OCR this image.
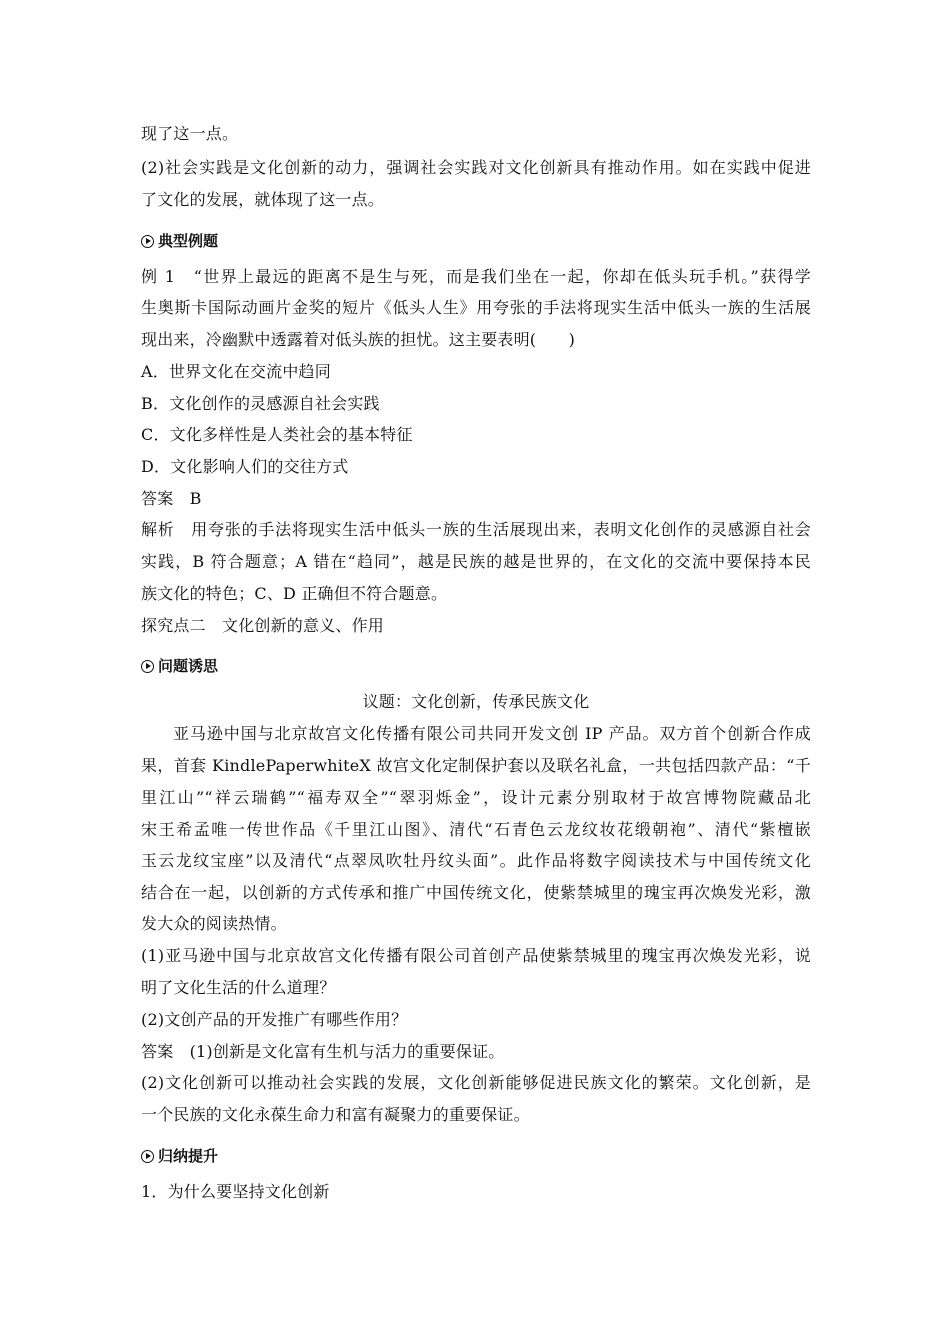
现了这一点。
(2)社会实践是文化创新的动力，强调社会实践对文化创新具有推动作用。如在实践中促进
了文化的发展，就体现了这一点。
典型例题
例 1　“世界上最远的距离不是生与死，而是我们坐在一起，你却在低头玩手机。”获得学
生奥斯卡国际动画片金奖的短片《低头人生》用夸张的手法将现实生活中低头一族的生活展
现出来，冷幽默中透露着对低头族的担忧。这主要表明(　　)
A．世界文化在交流中趋同
B．文化创作的灵感源自社会实践
C．文化多样性是人类社会的基本特征
D．文化影响人们的交往方式
答案　B
解析　用夸张的手法将现实生活中低头一族的生活展现出来，表明文化创作的灵感源自社会
实践，B 符合题意；A 错在“趋同”，越是民族的越是世界的，在文化的交流中要保持本民
族文化的特色；C、D 正确但不符合题意。
探究点二　文化创新的意义、作用
问题诱思
议题：文化创新，传承民族文化
亚马逊中国与北京故宫文化传播有限公司共同开发文创 IP 产品。双方首个创新合作成
果，首套 KindlePaperwhiteX 故宫文化定制保护套以及联名礼盒，一共包括四款产品：“千
里江山”“祥云瑞鹤”“福寿双全”“翠羽烁金”，设计元素分别取材于故宫博物院藏品北
宋王希孟唯一传世作品《千里江山图》、清代“石青色云龙纹妆花缎朝袍”、清代“紫檀嵌
玉云龙纹宝座”以及清代“点翠凤吹牡丹纹头面”。此作品将数字阅读技术与中国传统文化
结合在一起，以创新的方式传承和推广中国传统文化，使紫禁城里的瑰宝再次焕发光彩，激
发大众的阅读热情。
(1)亚马逊中国与北京故宫文化传播有限公司首创产品使紫禁城里的瑰宝再次焕发光彩，说
明了文化生活的什么道理？
(2)文创产品的开发推广有哪些作用？
答案　(1)创新是文化富有生机与活力的重要保证。
(2)文化创新可以推动社会实践的发展，文化创新能够促进民族文化的繁荣。文化创新，是
一个民族的文化永葆生命力和富有凝聚力的重要保证。
归纳提升
1．为什么要坚持文化创新
